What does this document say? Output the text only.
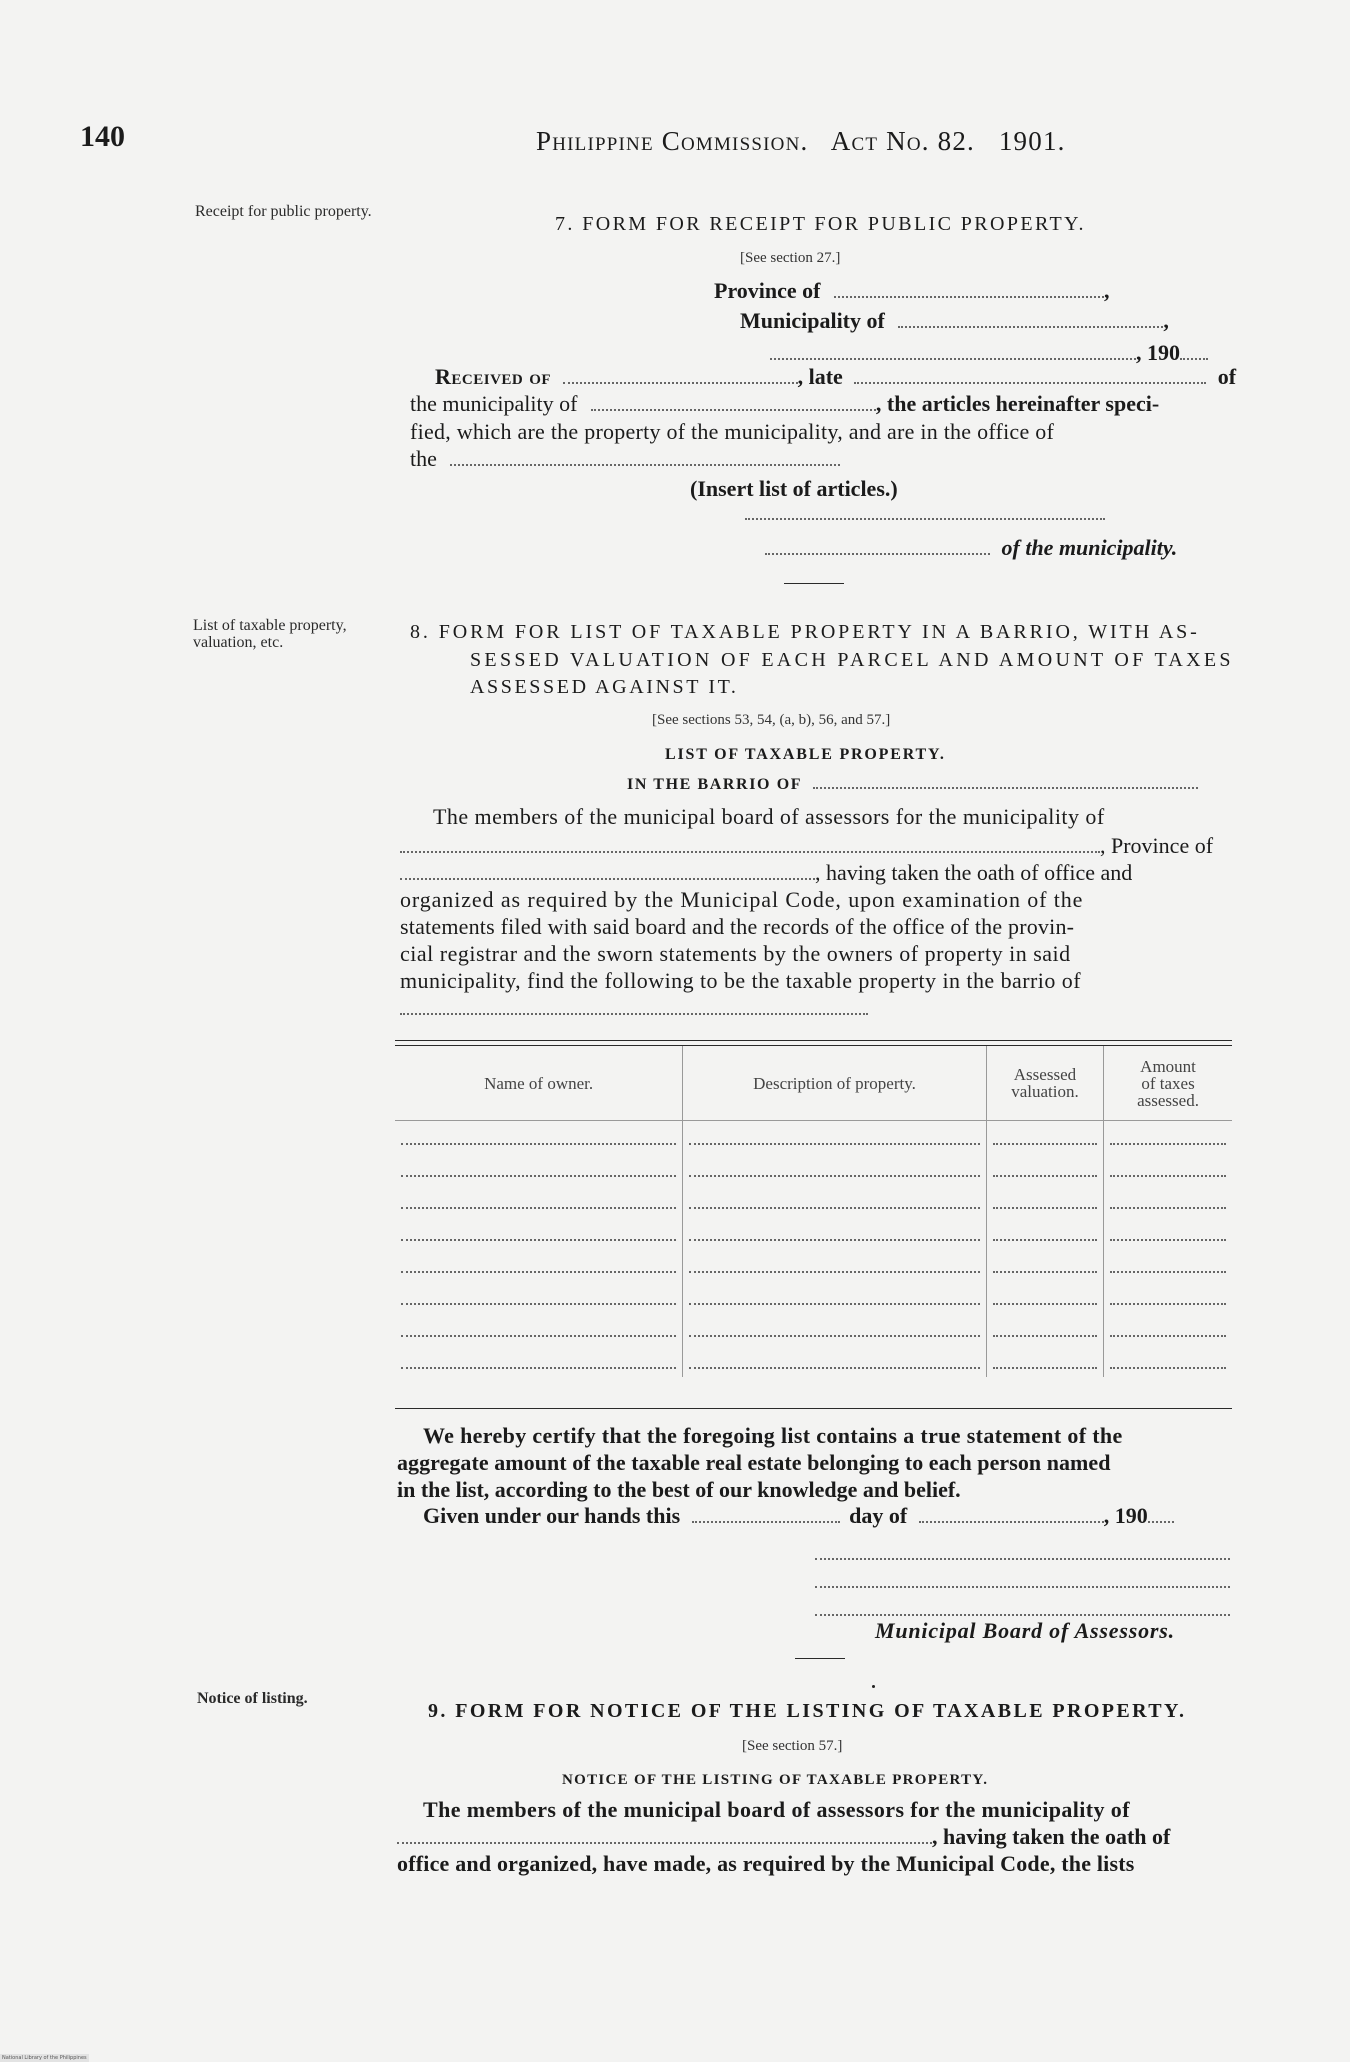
140	Philippine Commission.   Act No. 82.   1901.
Receipt for public property.
7. FORM FOR RECEIPT FOR PUBLIC PROPERTY.
[See section 27.]
Province of	,
Municipality of	,
, 190
Received of	, late	of
the municipality of	, the articles hereinafter speci-
fied, which are the property of the municipality, and are in the office of
the
(Insert list of articles.)
of the municipality.
List of taxable property, valuation, etc.	8. FORM FOR LIST OF TAXABLE PROPERTY IN A BARRIO, WITH AS-
SESSED VALUATION OF EACH PARCEL AND AMOUNT OF TAXES
ASSESSED AGAINST IT.
[See sections 53, 54, (a, b), 56, and 57.]
LIST OF TAXABLE PROPERTY.
IN THE BARRIO OF
The members of the municipal board of assessors for the municipality of
, Province of
, having taken the oath of office and
organized as required by the Municipal Code, upon examination of the
statements filed with said board and the records of the office of the provin-
cial registrar and the sworn statements by the owners of property in said
municipality, find the following to be the taxable property in the barrio of
Name of owner.	Description of property.	Assessed valuation.	Amount of taxes assessed.

We hereby certify that the foregoing list contains a true statement of the
aggregate amount of the taxable real estate belonging to each person named
in the list, according to the best of our knowledge and belief.
Given under our hands this	day of	, 190
Municipal Board of Assessors.
Notice of listing.
9. FORM FOR NOTICE OF THE LISTING OF TAXABLE PROPERTY.
[See section 57.]
NOTICE OF THE LISTING OF TAXABLE PROPERTY.
The members of the municipal board of assessors for the municipality of
, having taken the oath of
office and organized, have made, as required by the Municipal Code, the lists
National Library of the Philippines
